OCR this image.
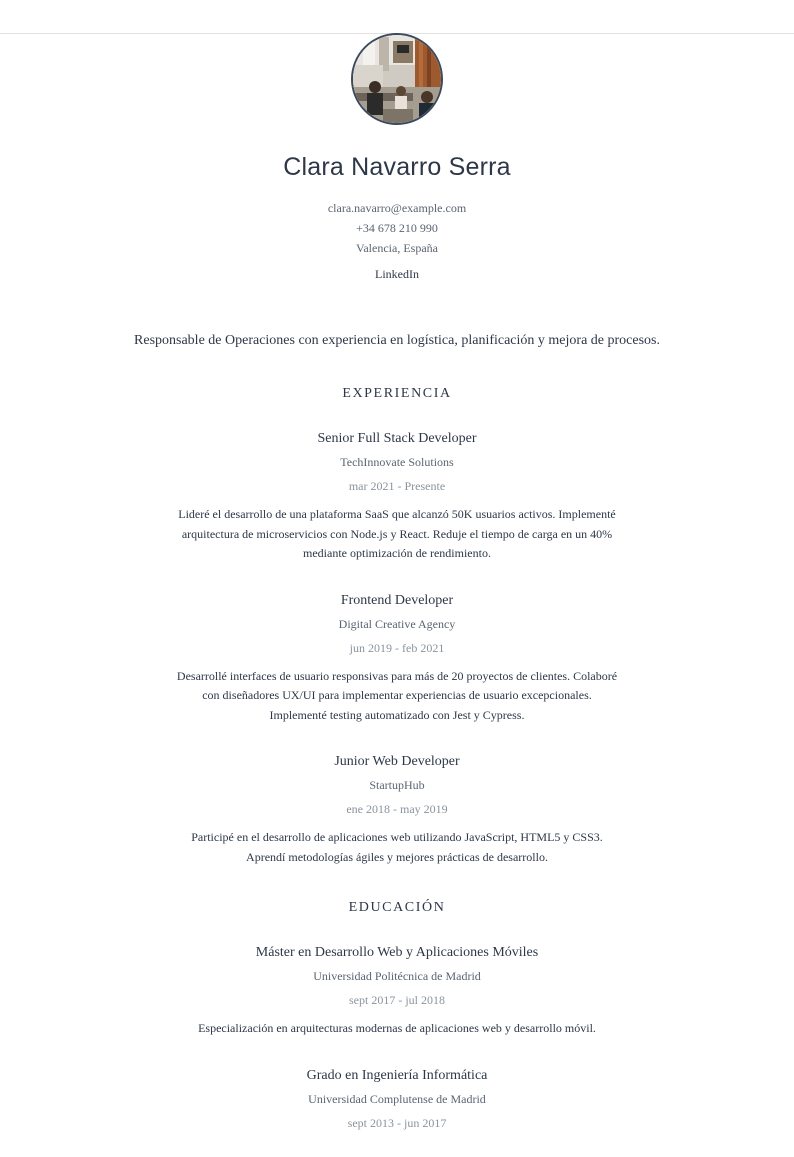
Clara Navarro Serra
clara.navarro@example.com
+34 678 210 990
Valencia, España
LinkedIn
Responsable de Operaciones con experiencia en logística, planificación y mejora de procesos.
EXPERIENCIA
Senior Full Stack Developer
TechInnovate Solutions
mar 2021 - Presente
Lideré el desarrollo de una plataforma SaaS que alcanzó 50K usuarios activos. Implementé
arquitectura de microservicios con Node.js y React. Reduje el tiempo de carga en un 40%
mediante optimización de rendimiento.
Frontend Developer
Digital Creative Agency
jun 2019 - feb 2021
Desarrollé interfaces de usuario responsivas para más de 20 proyectos de clientes. Colaboré
con diseñadores UX/UI para implementar experiencias de usuario excepcionales.
Implementé testing automatizado con Jest y Cypress.
Junior Web Developer
StartupHub
ene 2018 - may 2019
Participé en el desarrollo de aplicaciones web utilizando JavaScript, HTML5 y CSS3.
Aprendí metodologías ágiles y mejores prácticas de desarrollo.
EDUCACIÓN
Máster en Desarrollo Web y Aplicaciones Móviles
Universidad Politécnica de Madrid
sept 2017 - jul 2018
Especialización en arquitecturas modernas de aplicaciones web y desarrollo móvil.
Grado en Ingeniería Informática
Universidad Complutense de Madrid
sept 2013 - jun 2017
